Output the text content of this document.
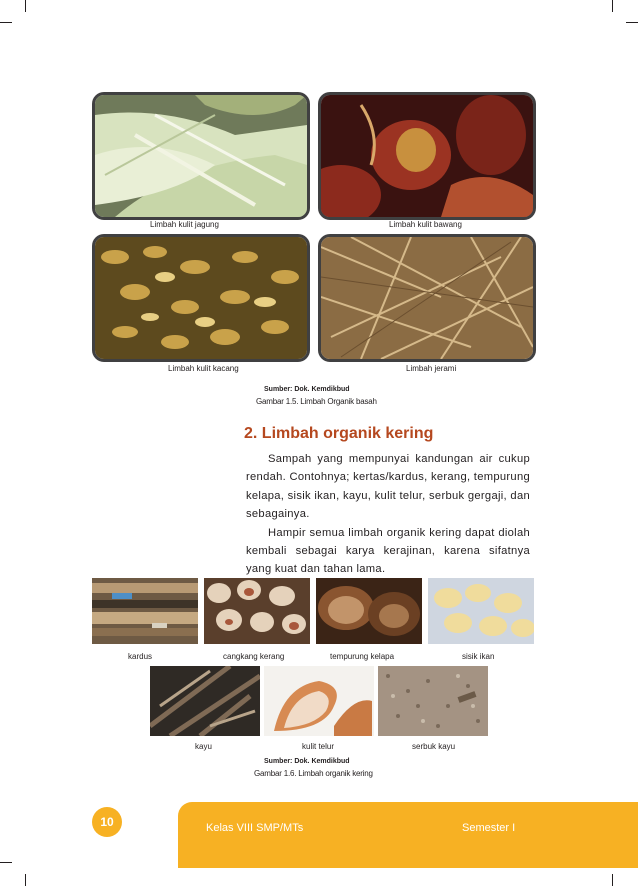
Limbah kulit jagung	Limbah kulit bawang
Limbah kulit kacang	Limbah jerami
Sumber: Dok. Kemdikbud
Gambar 1.5. Limbah Organik basah
2. Limbah organik kering

Sampah yang mempunyai kandungan air cukup rendah. Contohnya; kertas/kardus, kerang, tempurung kelapa, sisik ikan, kayu, kulit telur, serbuk gergaji, dan sebagainya.

Hampir semua limbah organik kering dapat diolah kembali sebagai karya kerajinan, karena sifatnya yang kuat dan tahan lama.

kardus	cangkang kerang	tempurung kelapa	sisik ikan
kayu	kulit telur	serbuk kayu
Sumber: Dok. Kemdikbud
Gambar 1.6. Limbah organik kering
10	Kelas VIII SMP/MTs	Semester I
